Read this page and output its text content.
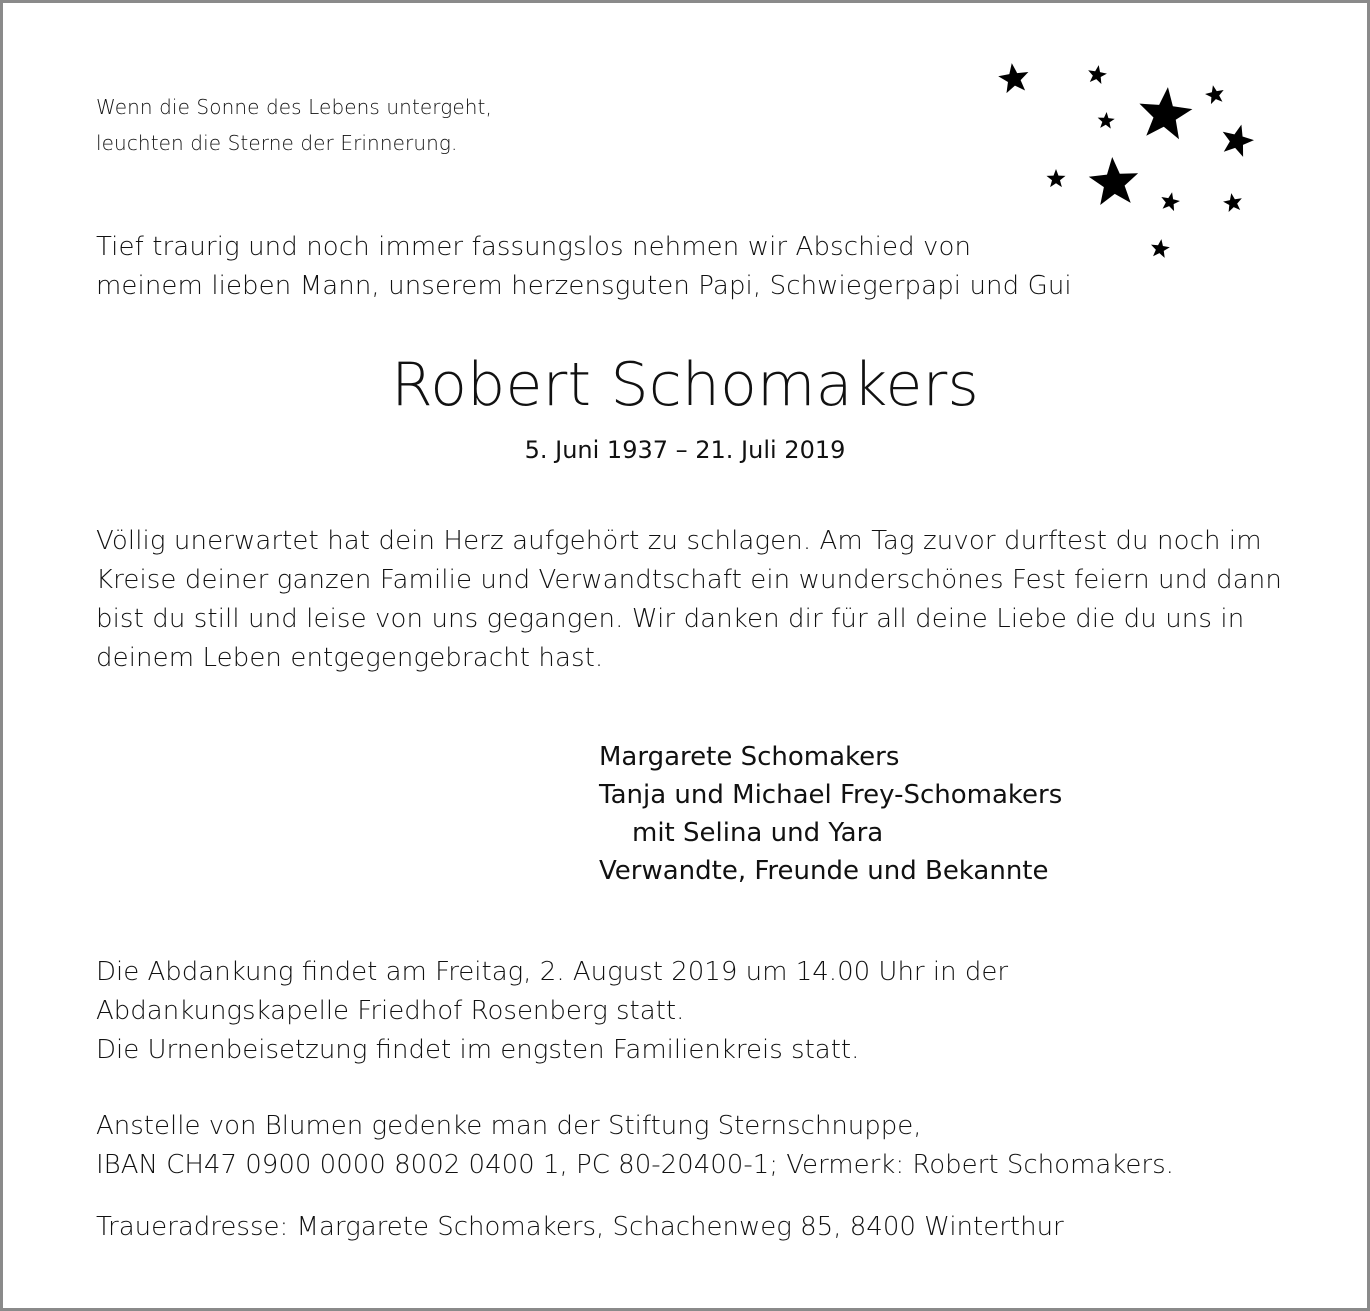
Wenn die Sonne des Lebens untergeht,
leuchten die Sterne der Erinnerung.

Tief traurig und noch immer fassungslos nehmen wir Abschied von
meinem lieben Mann, unserem herzensguten Papi, Schwiegerpapi und Gui

Robert Schomakers

5. Juni 1937 – 21. Juli 2019

Völlig unerwartet hat dein Herz aufgehört zu schlagen. Am Tag zuvor durftest du noch im
Kreise deiner ganzen Familie und Verwandtschaft ein wunderschönes Fest feiern und dann
bist du still und leise von uns gegangen. Wir danken dir für all deine Liebe die du uns in
deinem Leben entgegengebracht hast.

Margarete Schomakers
Tanja und Michael Frey-Schomakers
mit Selina und Yara
Verwandte, Freunde und Bekannte

Die Abdankung findet am Freitag, 2. August 2019 um 14.00 Uhr in der
Abdankungskapelle Friedhof Rosenberg statt.
Die Urnenbeisetzung findet im engsten Familienkreis statt.

Anstelle von Blumen gedenke man der Stiftung Sternschnuppe,
IBAN CH47 0900 0000 8002 0400 1, PC 80-20400-1; Vermerk: Robert Schomakers.

Traueradresse: Margarete Schomakers, Schachenweg 85, 8400 Winterthur
